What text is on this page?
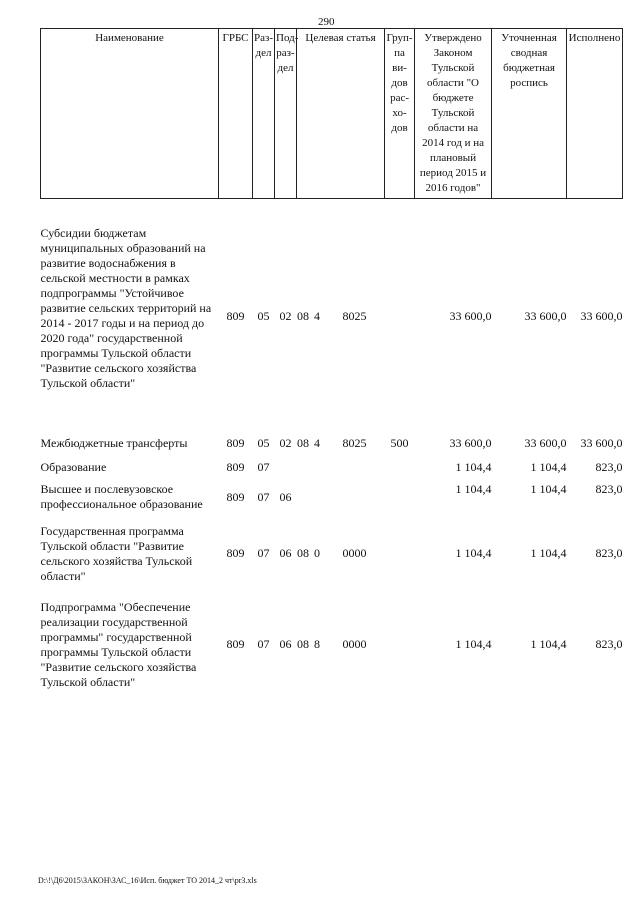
290
Наименование	ГРБС	Раз-дел	Под-раз-дел	Целевая статья			Груп-па ви-дов рас-хо-дов	Утверждено Законом Тульской области "О бюджете Тульской области на 2014 год и на плановый период 2015 и 2016 годов"	Уточненная сводная бюджетная роспись	Исполнено
Субсидии бюджетам муниципальных образований на развитие водоснабжения в сельской местности в рамках подпрограммы "Устойчивое развитие сельских территорий на 2014 - 2017 годы и на период до 2020 года" государственной программы Тульской области "Развитие сельского хозяйства Тульской области"	809	05	02	08	4	8025		33 600,0	33 600,0	33 600,0
Межбюджетные трансферты	809	05	02	08	4	8025	500	33 600,0	33 600,0	33 600,0
Образование	809	07						1 104,4	1 104,4	823,0
Высшее и послевузовское профессиональное образование	809	07	06					1 104,4	1 104,4	823,0
Государственная программа Тульской области "Развитие сельского хозяйства Тульской области"	809	07	06	08	0	0000		1 104,4	1 104,4	823,0
Подпрограмма "Обеспечение реализации государственной программы" государственной программы Тульской области "Развитие сельского хозяйства Тульской области"	809	07	06	08	8	0000		1 104,4	1 104,4	823,0
D:\!\Д6\2015\ЗАКОН\ЗАС_16\Исп. бюджет ТО 2014_2 чт\pr3.xls
